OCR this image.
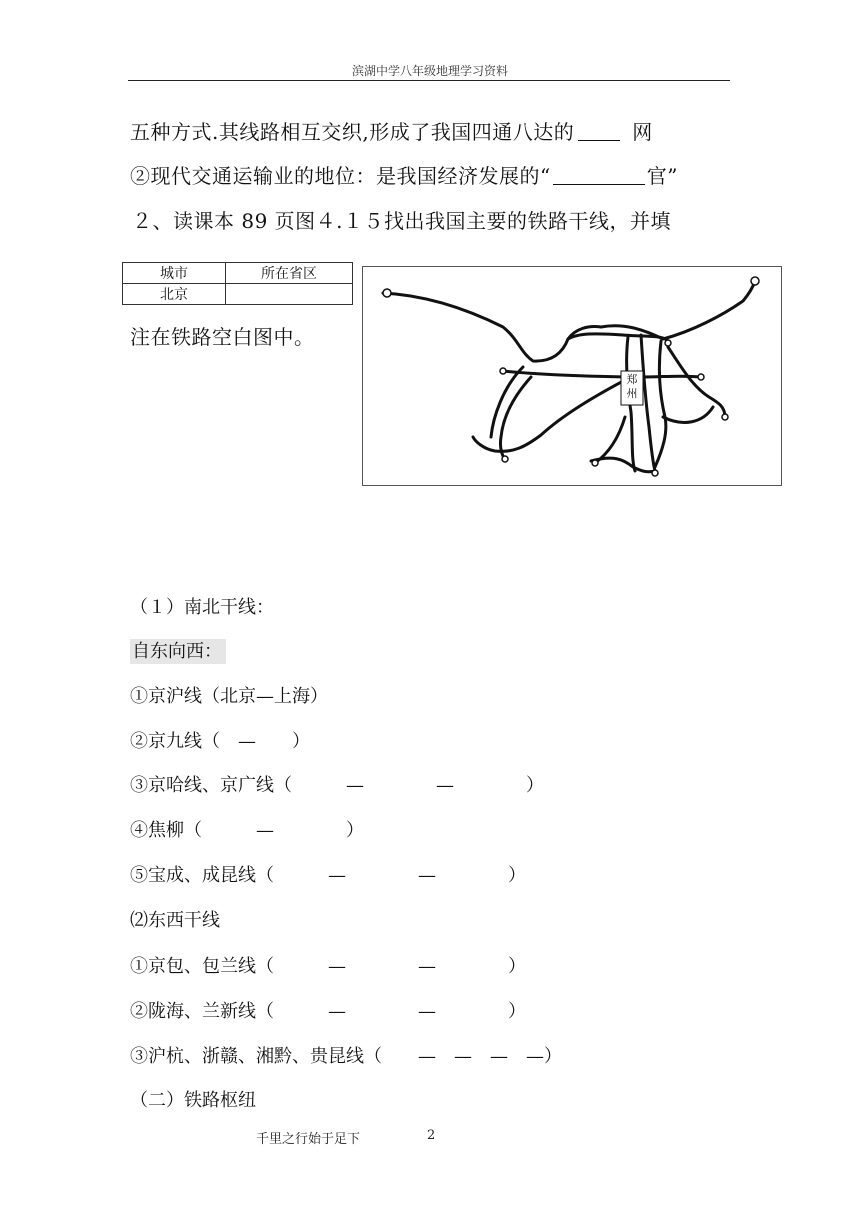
滨湖中学八年级地理学习资料
五种方式.其线路相互交织,形成了我国四通八达的	网
②现代交通运输业的地位：是我国经济发展的“	官”
２、读课本 89 页图４.１５找出我国主要的铁路干线，并填
城市	所在省区
北京	
注在铁路空白图中。
郑州
（１）南北干线：
自东向西：
①京沪线（北京—上海）
②京九线（　—　　）
③京哈线、京广线（　　　—　　　　—　　　　）
④焦柳（　　　—　　　　）
⑤宝成、成昆线（　　　—　　　　—　　　　）
⑵东西干线
①京包、包兰线（　　　—　　　　—　　　　）
②陇海、兰新线（　　　—　　　　—　　　　）
③沪杭、浙赣、湘黔、贵昆线（　　—　—　—　—）
（二）铁路枢纽
千里之行始于足下	2
